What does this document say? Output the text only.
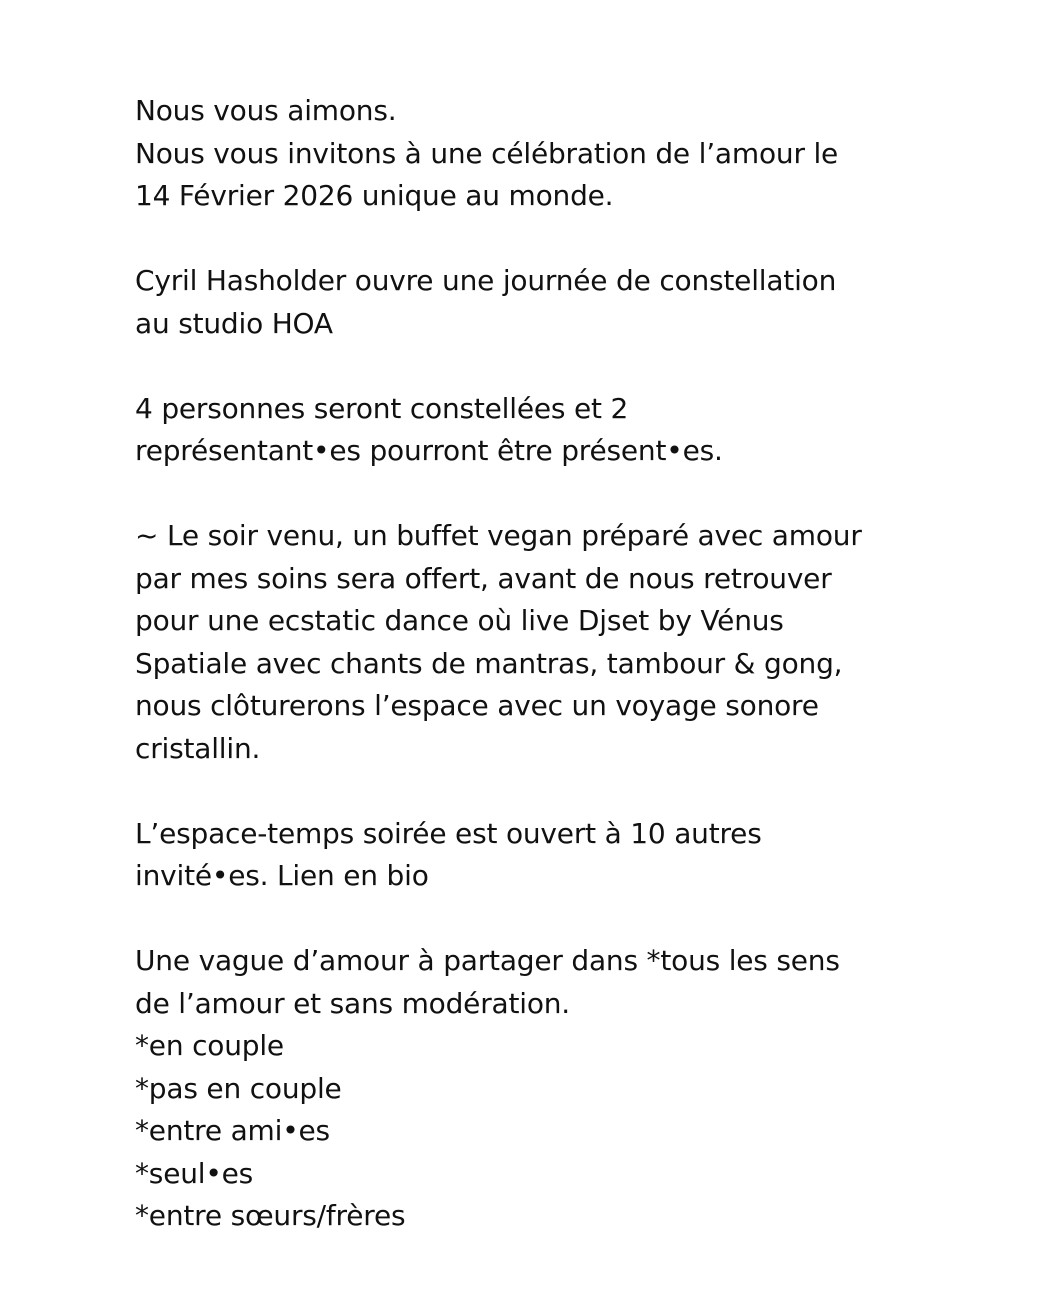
Nous vous aimons.
Nous vous invitons à une célébration de l’amour le
14 Février 2026 unique au monde.

Cyril Hasholder ouvre une journée de constellation
au studio HOA

4 personnes seront constellées et 2
représentant•es pourront être présent•es.

~ Le soir venu, un buffet vegan préparé avec amour
par mes soins sera offert, avant de nous retrouver
pour une ecstatic dance où live Djset by Vénus
Spatiale avec chants de mantras, tambour & gong,
nous clôturerons l’espace avec un voyage sonore
cristallin.

L’espace-temps soirée est ouvert à 10 autres
invité•es. Lien en bio

Une vague d’amour à partager dans *tous les sens
de l’amour et sans modération.
*en couple
*pas en couple
*entre ami•es
*seul•es
*entre sœurs/frères
